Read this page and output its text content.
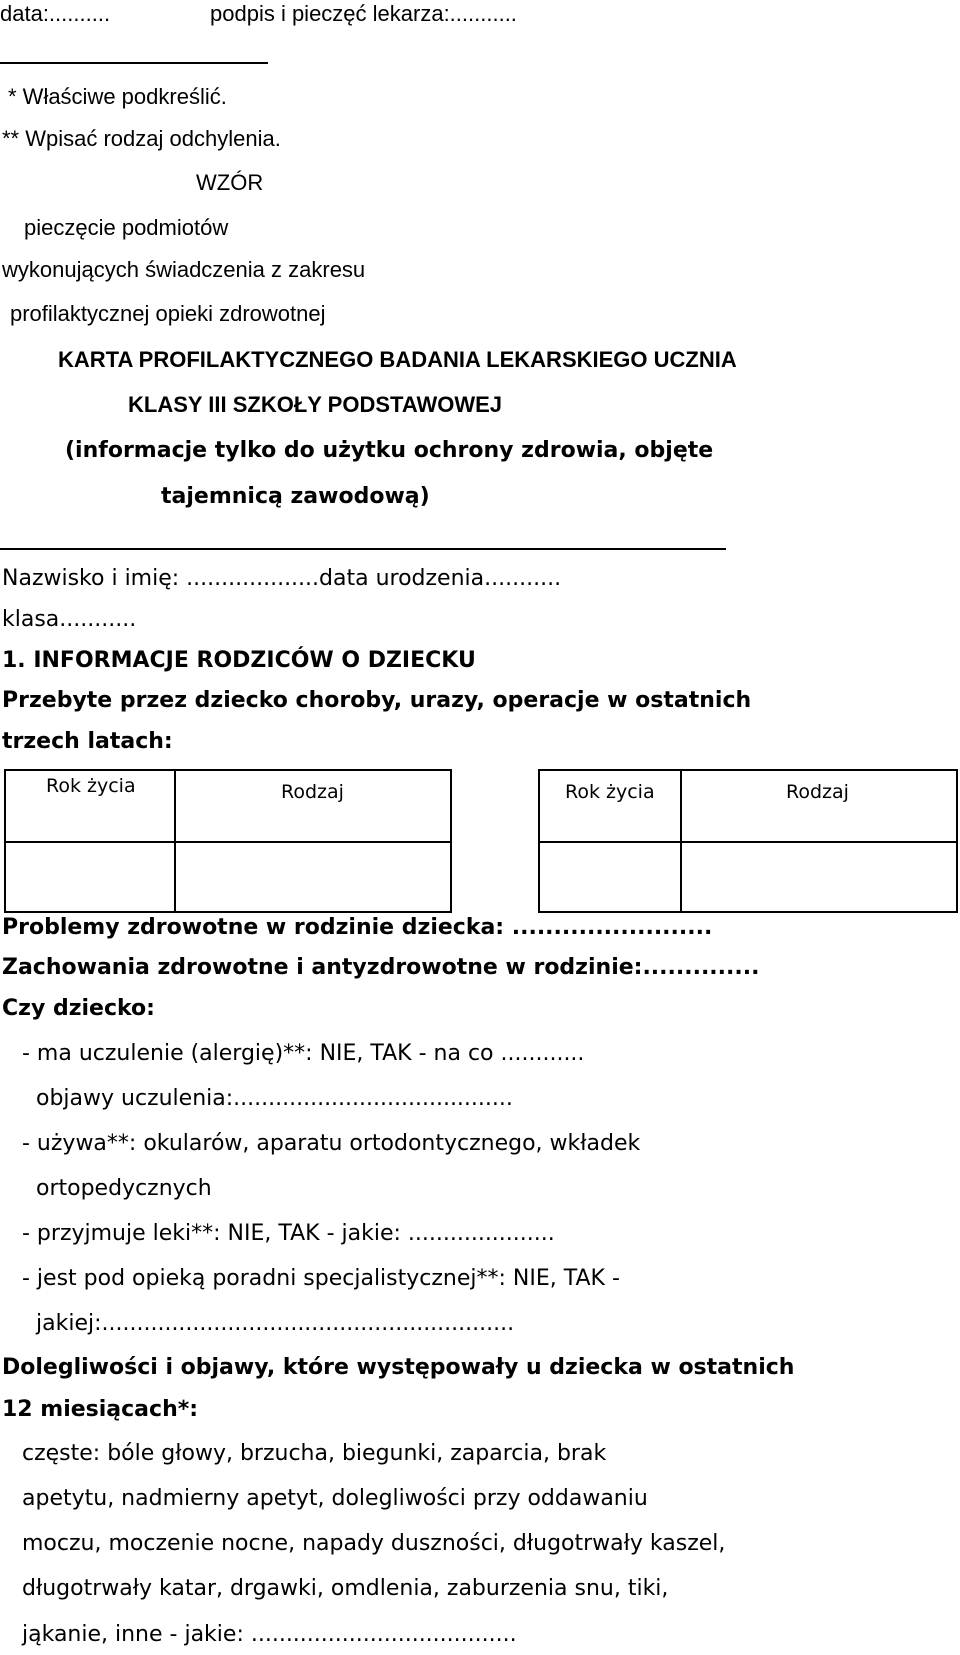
data:..........	podpis i pieczęć lekarza:...........
* Właściwe podkreślić.
** Wpisać rodzaj odchylenia.
WZÓR
pieczęcie podmiotów
wykonujących świadczenia z zakresu
profilaktycznej opieki zdrowotnej
KARTA PROFILAKTYCZNEGO BADANIA LEKARSKIEGO UCZNIA
KLASY III SZKOŁY PODSTAWOWEJ
(informacje tylko do użytku ochrony zdrowia, objęte
tajemnicą zawodową)
Nazwisko i imię: ...................data urodzenia...........
klasa...........
1. INFORMACJE RODZICÓW O DZIECKU
Przebyte przez dziecko choroby, urazy, operacje w ostatnich
trzech latach:
Rok życia	Rodzaj	Rok życia	Rodzaj
Problemy zdrowotne w rodzinie dziecka: ........................
Zachowania zdrowotne i antyzdrowotne w rodzinie:..............
Czy dziecko:
- ma uczulenie (alergię)**: NIE, TAK - na co ............
objawy uczulenia:........................................
- używa**: okularów, aparatu ortodontycznego, wkładek
ortopedycznych
- przyjmuje leki**: NIE, TAK - jakie: .....................
- jest pod opieką poradni specjalistycznej**: NIE, TAK -
jakiej:...........................................................
Dolegliwości i objawy, które występowały u dziecka w ostatnich
12 miesiącach*:
częste: bóle głowy, brzucha, biegunki, zaparcia, brak
apetytu, nadmierny apetyt, dolegliwości przy oddawaniu
moczu, moczenie nocne, napady duszności, długotrwały kaszel,
długotrwały katar, drgawki, omdlenia, zaburzenia snu, tiki,
jąkanie, inne - jakie: ......................................
